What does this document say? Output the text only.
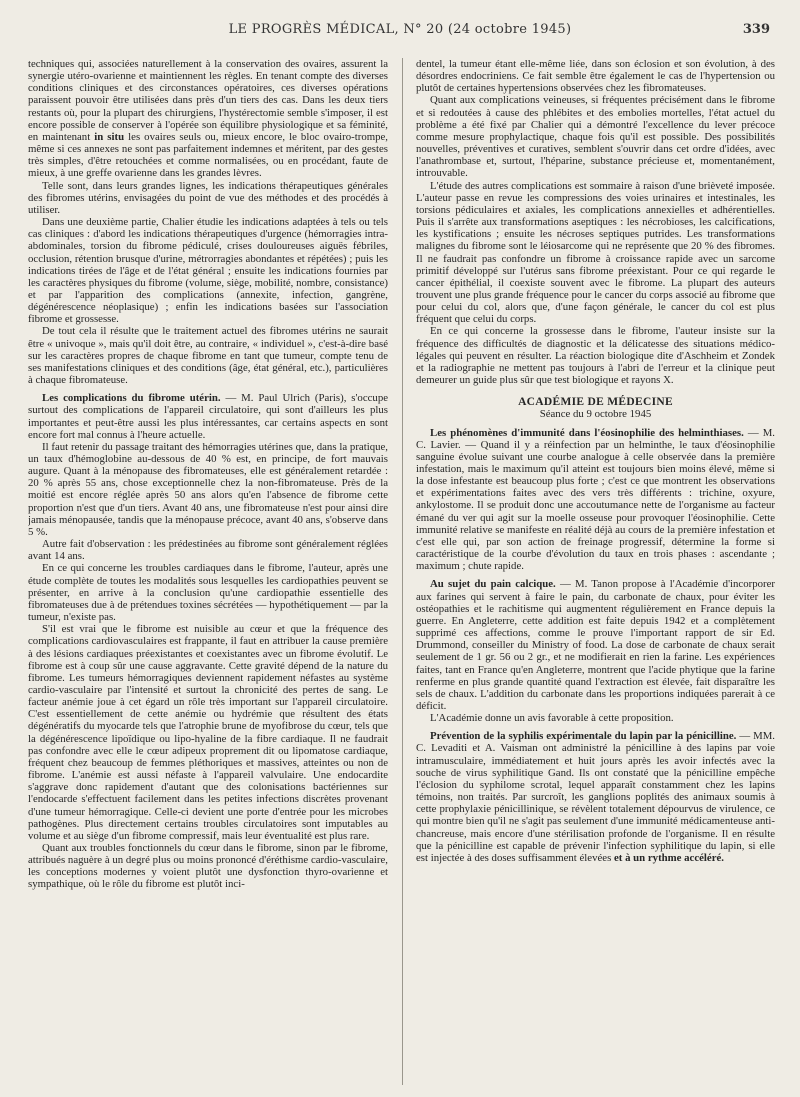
LE PROGRÈS MÉDICAL, N° 20 (24 octobre 1945)	339

techniques qui, associées naturellement à la conservation des ovaires, assurent la synergie utéro-ovarienne et maintiennent les règles. En tenant compte des diverses conditions cliniques et des circonstances opératoires, ces diverses opérations paraissent pouvoir être utilisées dans près d'un tiers des cas. Dans les deux tiers restants où, pour la plupart des chirurgiens, l'hystérectomie semble s'imposer, il est encore possible de conserver à l'opérée son équilibre physiologique et sa féminité, en maintenant in situ les ovaires seuls ou, mieux encore, le bloc ovairo-trompe, même si ces annexes ne sont pas parfaitement indemnes et méritent, par des gestes très simples, d'être retouchées et comme normalisées, ou en procédant, faute de mieux, à une greffe ovarienne dans les grandes lèvres.

Telle sont, dans leurs grandes lignes, les indications thérapeutiques générales des fibromes utérins, envisagées du point de vue des méthodes et des procédés à utiliser.

Dans une deuxième partie, Chalier étudie les indications adaptées à tels ou tels cas cliniques : d'abord les indications thérapeutiques d'urgence (hémorragies intra-abdominales, torsion du fibrome pédiculé, crises douloureuses aiguës fébriles, occlusion, rétention brusque d'urine, métrorragies abondantes et répétées) ; puis les indications tirées de l'âge et de l'état général ; ensuite les indications fournies par les caractères physiques du fibrome (volume, siège, mobilité, nombre, consistance) et par l'apparition des complications (annexite, infection, gangrène, dégénérescence néoplasique) ; enfin les indications basées sur l'association fibrome et grossesse.

De tout cela il résulte que le traitement actuel des fibromes utérins ne saurait être « univoque », mais qu'il doit être, au contraire, « individuel », c'est-à-dire basé sur les caractères propres de chaque fibrome en tant que tumeur, compte tenu de ses manifestations cliniques et des conditions (âge, état général, etc.), particulières à chaque fibromateuse.

Les complications du fibrome utérin. — M. Paul Ulrich (Paris), s'occupe surtout des complications de l'appareil circulatoire, qui sont d'ailleurs les plus importantes et peut-être aussi les plus intéressantes, car certains aspects en sont encore fort mal connus à l'heure actuelle.

Il faut retenir du passage traitant des hémorragies utérines que, dans la pratique, un taux d'hémoglobine au-dessous de 40 % est, en principe, de fort mauvais augure. Quant à la ménopause des fibromateuses, elle est généralement retardée : 20 % après 55 ans, chose exceptionnelle chez la non-fibromateuse. Près de la moitié est encore réglée après 50 ans alors qu'en l'absence de fibrome cette proportion n'est que d'un tiers. Avant 40 ans, une fibromateuse n'est pour ainsi dire jamais ménopausée, tandis que la ménopause précoce, avant 40 ans, s'observe dans 5 %.

Autre fait d'observation : les prédestinées au fibrome sont généralement réglées avant 14 ans.

En ce qui concerne les troubles cardiaques dans le fibrome, l'auteur, après une étude complète de toutes les modalités sous lesquelles les cardiopathies peuvent se présenter, en arrive à la conclusion qu'une cardiopathie essentielle des fibromateuses due à de prétendues toxines sécrétées — hypothétiquement — par la tumeur, n'existe pas.

S'il est vrai que le fibrome est nuisible au cœur et que la fréquence des complications cardiovasculaires est frappante, il faut en attribuer la cause première à des lésions cardiaques préexistantes et coexistantes avec un fibrome évolutif. Le fibrome est à coup sûr une cause aggravante. Cette gravité dépend de la nature du fibrome. Les tumeurs hémorragiques deviennent rapidement néfastes au système cardio-vasculaire par l'intensité et surtout la chronicité des pertes de sang. Le facteur anémie joue à cet égard un rôle très important sur l'appareil circulatoire. C'est essentiellement de cette anémie ou hydrémie que résultent des états dégénératifs du myocarde tels que l'atrophie brune de myofibrose du cœur, tels que la dégénérescence lipoïdique ou lipo-hyaline de la fibre cardiaque. Il ne faudrait pas confondre avec elle le cœur adipeux proprement dit ou lipomatose cardiaque, fréquent chez beaucoup de femmes pléthoriques et massives, atteintes ou non de fibrome. L'anémie est aussi néfaste à l'appareil valvulaire. Une endocardite s'aggrave donc rapidement d'autant que des colonisations bactériennes sur l'endocarde s'effectuent facilement dans les petites infections discrètes provenant d'une tumeur hémorragique. Celle-ci devient une porte d'entrée pour les microbes pathogènes. Plus directement certains troubles circulatoires sont imputables au volume et au siège d'un fibrome compressif, mais leur éventualité est plus rare.

Quant aux troubles fonctionnels du cœur dans le fibrome, sinon par le fibrome, attribués naguère à un degré plus ou moins prononcé d'éréthisme cardio-vasculaire, les conceptions modernes y voient plutôt une dysfonction thyro-ovarienne et sympathique, où le rôle du fibrome est plutôt inci-

dentel, la tumeur étant elle-même liée, dans son éclosion et son évolution, à des désordres endocriniens. Ce fait semble être également le cas de l'hypertension ou plutôt de certaines hypertensions observées chez les fibromateuses.

Quant aux complications veineuses, si fréquentes précisément dans le fibrome et si redoutées à cause des phlébites et des embolies mortelles, l'état actuel du problème a été fixé par Chalier qui a démontré l'excellence du lever précoce comme mesure prophylactique, chaque fois qu'il est possible. Des possibilités nouvelles, préventives et curatives, semblent s'ouvrir dans cet ordre d'idées, avec l'anathrombase et, surtout, l'héparine, substance précieuse et, momentanément, introuvable.

L'étude des autres complications est sommaire à raison d'une brièveté imposée. L'auteur passe en revue les compressions des voies urinaires et intestinales, les torsions pédiculaires et axiales, les complications annexielles et adhérentielles. Puis il s'arrête aux transformations aseptiques : les nécrobioses, les calcifications, les kystifications ; ensuite les nécroses septiques putrides. Les transformations malignes du fibrome sont le léiosarcome qui ne représente que 20 % des fibromes. Il ne faudrait pas confondre un fibrome à croissance rapide avec un sarcome primitif développé sur l'utérus sans fibrome préexistant. Pour ce qui regarde le cancer épithélial, il coexiste souvent avec le fibrome. La plupart des auteurs trouvent une plus grande fréquence pour le cancer du corps associé au fibrome que pour celui du col, alors que, d'une façon générale, le cancer du col est plus fréquent que celui du corps.

En ce qui concerne la grossesse dans le fibrome, l'auteur insiste sur la fréquence des difficultés de diagnostic et la délicatesse des situations médico-légales qui peuvent en résulter. La réaction biologique dite d'Aschheim et Zondek et la radiographie ne mettent pas toujours à l'abri de l'erreur et la clinique peut demeurer un guide plus sûr que test biologique et rayons X.

ACADÉMIE DE MÉDECINE
Séance du 9 octobre 1945

Les phénomènes d'immunité dans l'éosinophilie des helminthiases. — M. C. Lavier. — Quand il y a réinfection par un helminthe, le taux d'éosinophilie sanguine évolue suivant une courbe analogue à celle observée dans la première infestation, mais le maximum qu'il atteint est toujours bien moins élevé, même si la dose infestante est beaucoup plus forte ; c'est ce que montrent les observations et expérimentations faites avec des vers très différents : trichine, oxyure, ankylostome. Il se produit donc une accoutumance nette de l'organisme au facteur émané du ver qui agit sur la moelle osseuse pour provoquer l'éosinophilie. Cette immunité relative se manifeste en réalité déjà au cours de la première infestation et c'est elle qui, par son action de freinage progressif, détermine la forme si caractéristique de la courbe d'évolution du taux en trois phases : ascendante ; maximum ; chute rapide.

Au sujet du pain calcique. — M. Tanon propose à l'Académie d'incorporer aux farines qui servent à faire le pain, du carbonate de chaux, pour éviter les ostéopathies et le rachitisme qui augmentent régulièrement en France depuis la guerre. En Angleterre, cette addition est faite depuis 1942 et a complètement supprimé ces affections, comme le prouve l'important rapport de sir Ed. Drummond, conseiller du Ministry of food. La dose de carbonate de chaux serait seulement de 1 gr. 56 ou 2 gr., et ne modifierait en rien la farine. Les expériences faites, tant en France qu'en Angleterre, montrent que l'acide phytique que la farine renferme en plus grande quantité quand l'extraction est élevée, fait disparaître les sels de chaux. L'addition du carbonate dans les proportions indiquées parerait à ce déficit.

L'Académie donne un avis favorable à cette proposition.

Prévention de la syphilis expérimentale du lapin par la pénicilline. — MM. C. Levaditi et A. Vaisman ont administré la pénicilline à des lapins par voie intramusculaire, immédiatement et huit jours après les avoir infectés avec la souche de virus syphilitique Gand. Ils ont constaté que la pénicilline empêche l'éclosion du syphilome scrotal, lequel apparaît constamment chez les lapins témoins, non traités. Par surcroît, les ganglions poplités des animaux soumis à cette prophylaxie pénicillinique, se révèlent totalement dépourvus de virulence, ce qui montre bien qu'il ne s'agit pas seulement d'une immunité médicamenteuse anti-chancreuse, mais encore d'une stérilisation profonde de l'organisme. Il en résulte que la pénicilline est capable de prévenir l'infection syphilitique du lapin, si elle est injectée à des doses suffisamment élevées et à un rythme accéléré.
